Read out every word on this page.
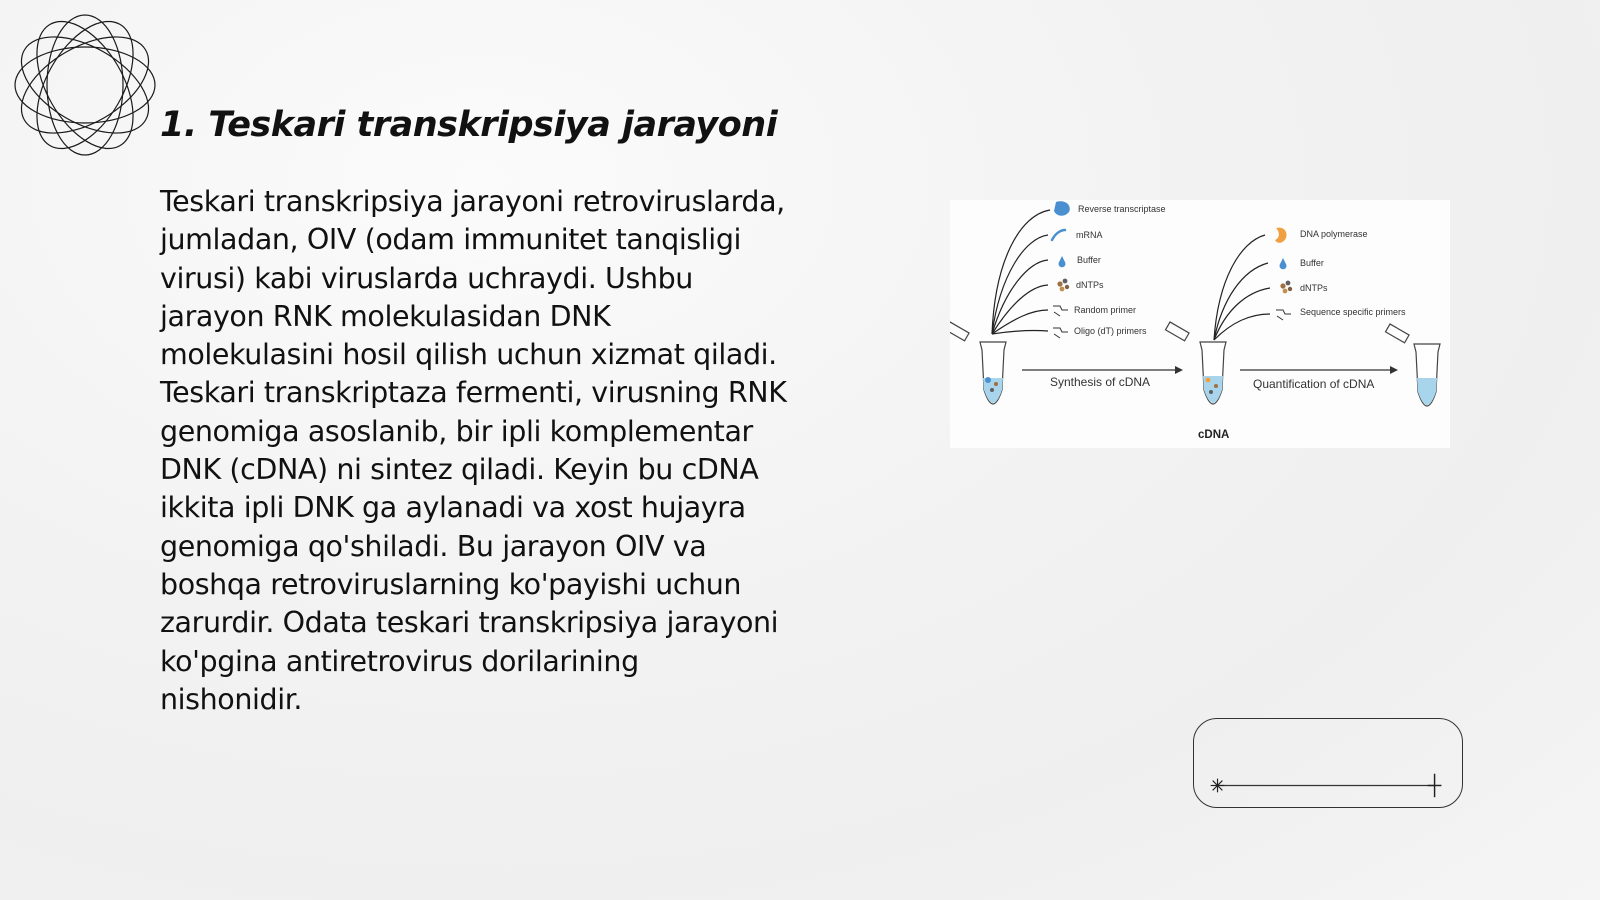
1. Teskari transkripsiya jarayoni

Teskari transkripsiya jarayoni retroviruslarda,
jumladan, OIV (odam immunitet tanqisligi
virusi) kabi viruslarda uchraydi. Ushbu
jarayon RNK molekulasidan DNK
molekulasini hosil qilish uchun xizmat qiladi.
Teskari transkriptaza fermenti, virusning RNK
genomiga asoslanib, bir ipli komplementar
DNK (cDNA) ni sintez qiladi. Keyin bu cDNA
ikkita ipli DNK ga aylanadi va xost hujayra
genomiga qo'shiladi. Bu jarayon OIV va
boshqa retroviruslarning ko'payishi uchun
zarurdir. Odata teskari transkripsiya jarayoni
ko'pgina antiretrovirus dorilarining
nishonidir.

Reverse transcriptase
mRNA
Buffer
dNTPs
Random primer
Oligo (dT) primers
Synthesis of cDNA
DNA polymerase
Buffer
dNTPs
Sequence specific primers
cDNA
Quantification of cDNA
